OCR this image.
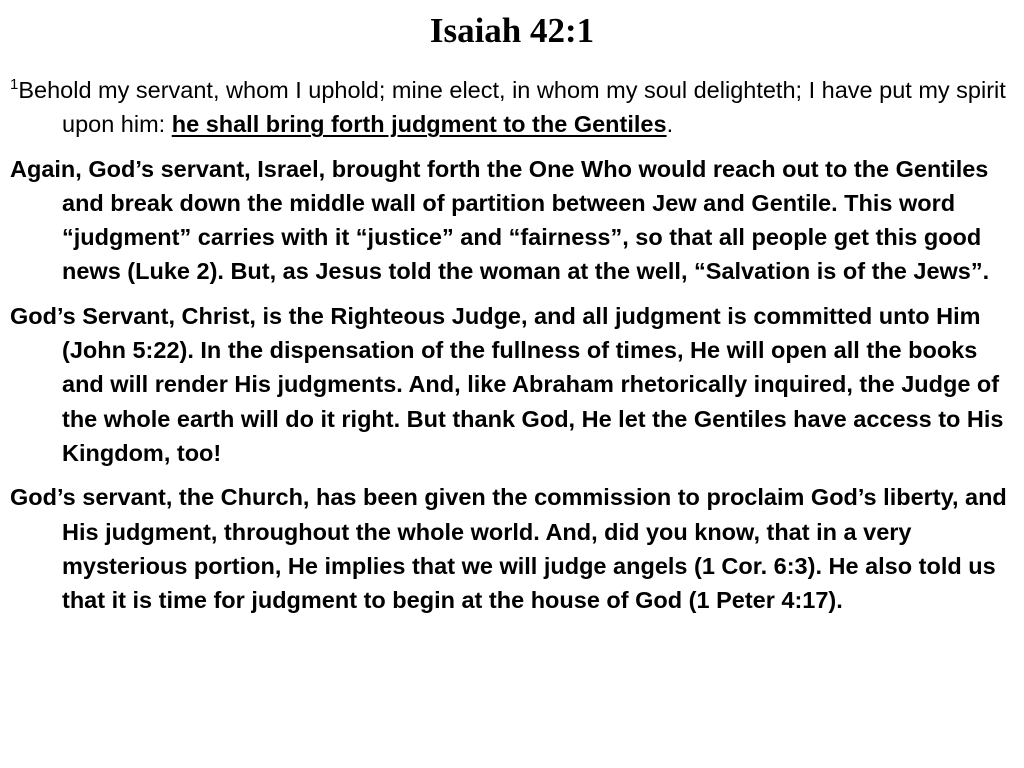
Isaiah 42:1

$^1$Behold my servant, whom I uphold; mine elect, in whom my soul delighteth; I have put my spirit upon him: he shall bring forth judgment to the Gentiles.

Again, God’s servant, Israel, brought forth the One Who would reach out to the Gentiles and break down the middle wall of partition between Jew and Gentile. This word “judgment” carries with it “justice” and “fairness”, so that all people get this good news (Luke 2). But, as Jesus told the woman at the well, “Salvation is of the Jews”.

God’s Servant, Christ, is the Righteous Judge, and all judgment is committed unto Him (John 5:22). In the dispensation of the fullness of times, He will open all the books and will render His judgments. And, like Abraham rhetorically inquired, the Judge of the whole earth will do it right. But thank God, He let the Gentiles have access to His Kingdom, too!

God’s servant, the Church, has been given the commission to proclaim God’s liberty, and His judgment, throughout the whole world. And, did you know, that in a very mysterious portion, He implies that we will judge angels (1 Cor. 6:3). He also told us that it is time for judgment to begin at the house of God (1 Peter 4:17).
